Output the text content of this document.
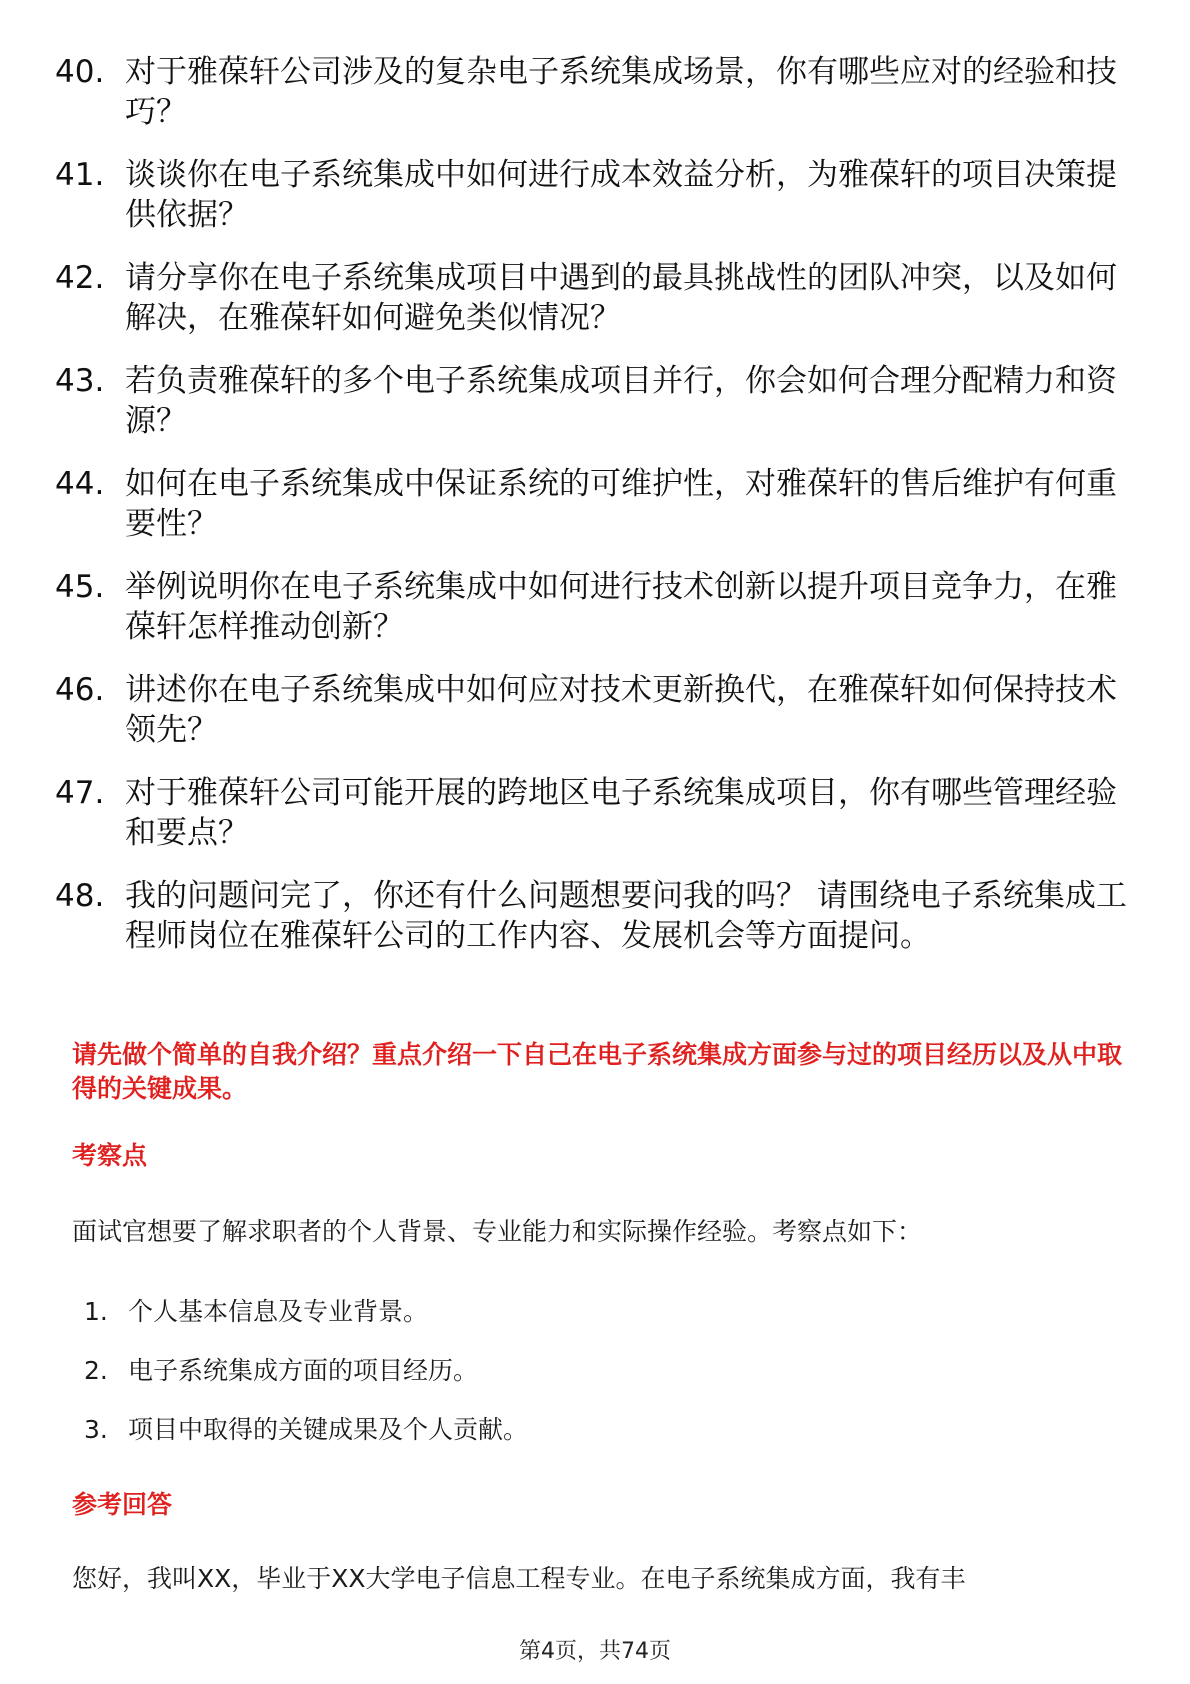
40. 对于雅葆轩公司涉及的复杂电子系统集成场景，你有哪些应对的经验和技巧？
41. 谈谈你在电子系统集成中如何进行成本效益分析，为雅葆轩的项目决策提供依据？
42. 请分享你在电子系统集成项目中遇到的最具挑战性的团队冲突，以及如何解决，在雅葆轩如何避免类似情况？
43. 若负责雅葆轩的多个电子系统集成项目并行，你会如何合理分配精力和资源？
44. 如何在电子系统集成中保证系统的可维护性，对雅葆轩的售后维护有何重要性？
45. 举例说明你在电子系统集成中如何进行技术创新以提升项目竞争力，在雅葆轩怎样推动创新？
46. 讲述你在电子系统集成中如何应对技术更新换代，在雅葆轩如何保持技术领先？
47. 对于雅葆轩公司可能开展的跨地区电子系统集成项目，你有哪些管理经验和要点？
48. 我的问题问完了，你还有什么问题想要问我的吗？ 请围绕电子系统集成工程师岗位在雅葆轩公司的工作内容、发展机会等方面提问。

请先做个简单的自我介绍？重点介绍一下自己在电子系统集成方面参与过的项目经历以及从中取得的关键成果。

考察点

面试官想要了解求职者的个人背景、专业能力和实际操作经验。考察点如下：

1. 个人基本信息及专业背景。
2. 电子系统集成方面的项目经历。
3. 项目中取得的关键成果及个人贡献。
参考回答

您好，我叫XX，毕业于XX大学电子信息工程专业。在电子系统集成方面，我有丰

第4页，共74页
